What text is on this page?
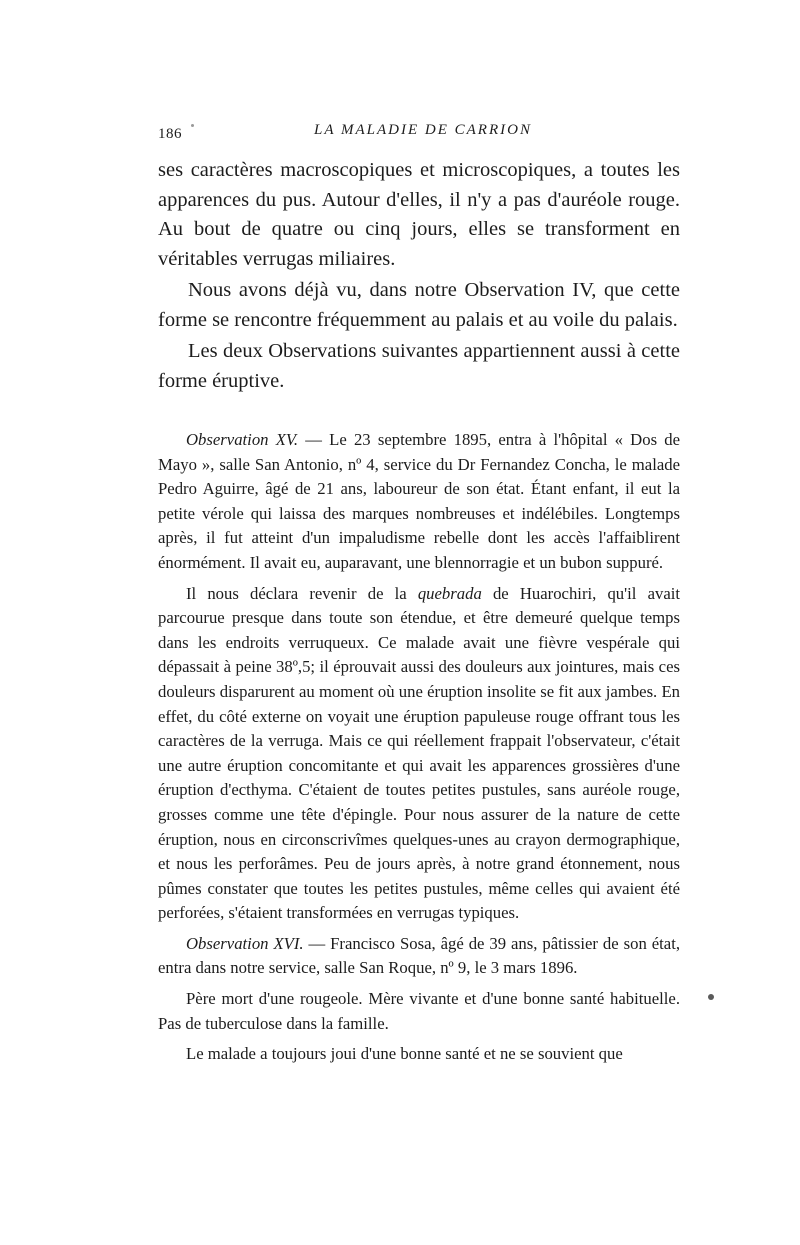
186	LA MALADIE DE CARRION

ses caractères macroscopiques et microscopiques, a toutes les apparences du pus. Autour d'elles, il n'y a pas d'auréole rouge. Au bout de quatre ou cinq jours, elles se transforment en véritables verrugas miliaires.

Nous avons déjà vu, dans notre Observation IV, que cette forme se rencontre fréquemment au palais et au voile du palais.

Les deux Observations suivantes appartiennent aussi à cette forme éruptive.

Observation XV. — Le 23 septembre 1895, entra à l'hôpital « Dos de Mayo », salle San Antonio, nº 4, service du Dr Fernandez Concha, le malade Pedro Aguirre, âgé de 21 ans, laboureur de son état. Étant enfant, il eut la petite vérole qui laissa des marques nombreuses et indélébiles. Longtemps après, il fut atteint d'un impaludisme rebelle dont les accès l'affaiblirent énormément. Il avait eu, auparavant, une blennorragie et un bubon suppuré.

Il nous déclara revenir de la quebrada de Huarochiri, qu'il avait parcourue presque dans toute son étendue, et être demeuré quelque temps dans les endroits verruqueux. Ce malade avait une fièvre vespérale qui dépassait à peine 38º,5; il éprouvait aussi des douleurs aux jointures, mais ces douleurs disparurent au moment où une éruption insolite se fit aux jambes. En effet, du côté externe on voyait une éruption papuleuse rouge offrant tous les caractères de la verruga. Mais ce qui réellement frappait l'observateur, c'était une autre éruption concomitante et qui avait les apparences grossières d'une éruption d'ecthyma. C'étaient de toutes petites pustules, sans auréole rouge, grosses comme une tête d'épingle. Pour nous assurer de la nature de cette éruption, nous en circonscrivîmes quelques-unes au crayon dermographique, et nous les perforâmes. Peu de jours après, à notre grand étonnement, nous pûmes constater que toutes les petites pustules, même celles qui avaient été perforées, s'étaient transformées en verrugas typiques.

Observation XVI. — Francisco Sosa, âgé de 39 ans, pâtissier de son état, entra dans notre service, salle San Roque, nº 9, le 3 mars 1896.

Père mort d'une rougeole. Mère vivante et d'une bonne santé habituelle. Pas de tuberculose dans la famille.

Le malade a toujours joui d'une bonne santé et ne se souvient que
